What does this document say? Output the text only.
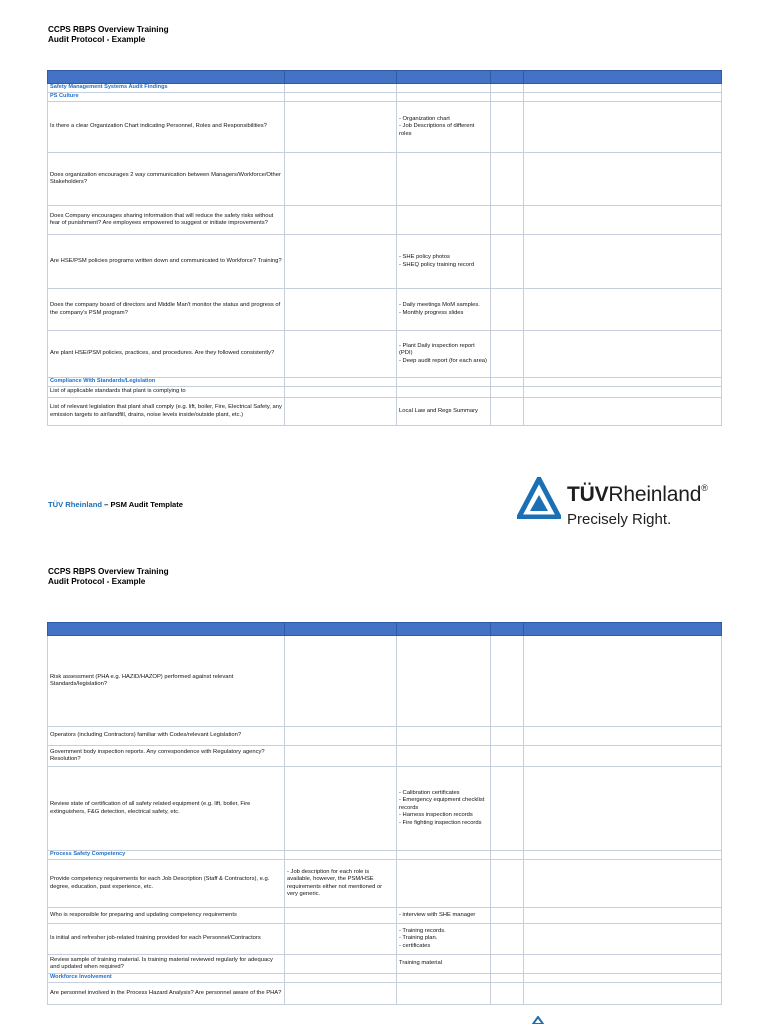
CCPS RBPS Overview Training
Audit Protocol - Example

Safety Management Systems Audit Findings				
PS Culture				
Is there a clear Organization Chart indicating Personnel, Roles and Responsibilities?		- Organization chart
- Job Descriptions of different roles		
Does organization encourages 2 way communication between Managers/Workforce/Other Stakeholders?				
Does Company encourages sharing information that will reduce the safety risks without fear of punishment? Are employees empowered to suggest or initiate improvements?				
Are HSE/PSM policies programs written down and communicated to Workforce? Training?		- SHE policy photos
- SHEQ policy training record		
Does the company board of directors and Middle Man't monitor the status and progress of the company's PSM program?		- Daily meetings MoM samples.
- Monthly progress slides		
Are plant HSE/PSM policies, practices, and procedures. Are they followed consistently?		- Plant Daily inspection report (PDI)
- Deep audit report (for each area)		
Compliance With Standards/Legislation				
List of applicable standards that plant is complying to				
List of relevant legislation that plant shall comply (e.g. lift, boiler, Fire, Electrical Safety, any emission targets to air/landfill, drains, noise levels inside/outside plant, etc.)		Local Law and Regs Summary		
TÜV Rheinland – PSM Audit Template	TÜVRheinland®
Precisely Right.
CCPS RBPS Overview Training
Audit Protocol - Example

Risk assessment (PHA e.g. HAZID/HAZOP) performed against relevant Standards/legislation?				
Operators (including Contractors) familiar with Codes/relevant Legislation?				
Government body inspection reports. Any correspondence with Regulatory agency? Resolution?				
Review state of certification of all safety related equipment (e.g. lift, boiler, Fire extinguishers, F&G detection, electrical safety, etc.		- Calibration certificates
- Emergency equipment checklist records
- Harness inspection records
- Fire fighting inspection records		
Process Safety Competency				
Provide competency requirements for each Job Description (Staff & Contractors), e.g. degree, education, past experience, etc.	- Job description for each role is available, however, the PSM/HSE requirements either not mentioned or very generic.			
Who is responsible for preparing and updating competency requirements		- interview with SHE manager		
Is initial and refresher job-related training provided for each Personnel/Contractors		- Training records.
- Training plan.
- certificates		
Review sample of training material. Is training material reviewed regularly for adequacy and updated when required?		Training material		
Workforce Involvement				
Are personnel involved in the Process Hazard Analysis? Are personnel aware of the PHA?				
